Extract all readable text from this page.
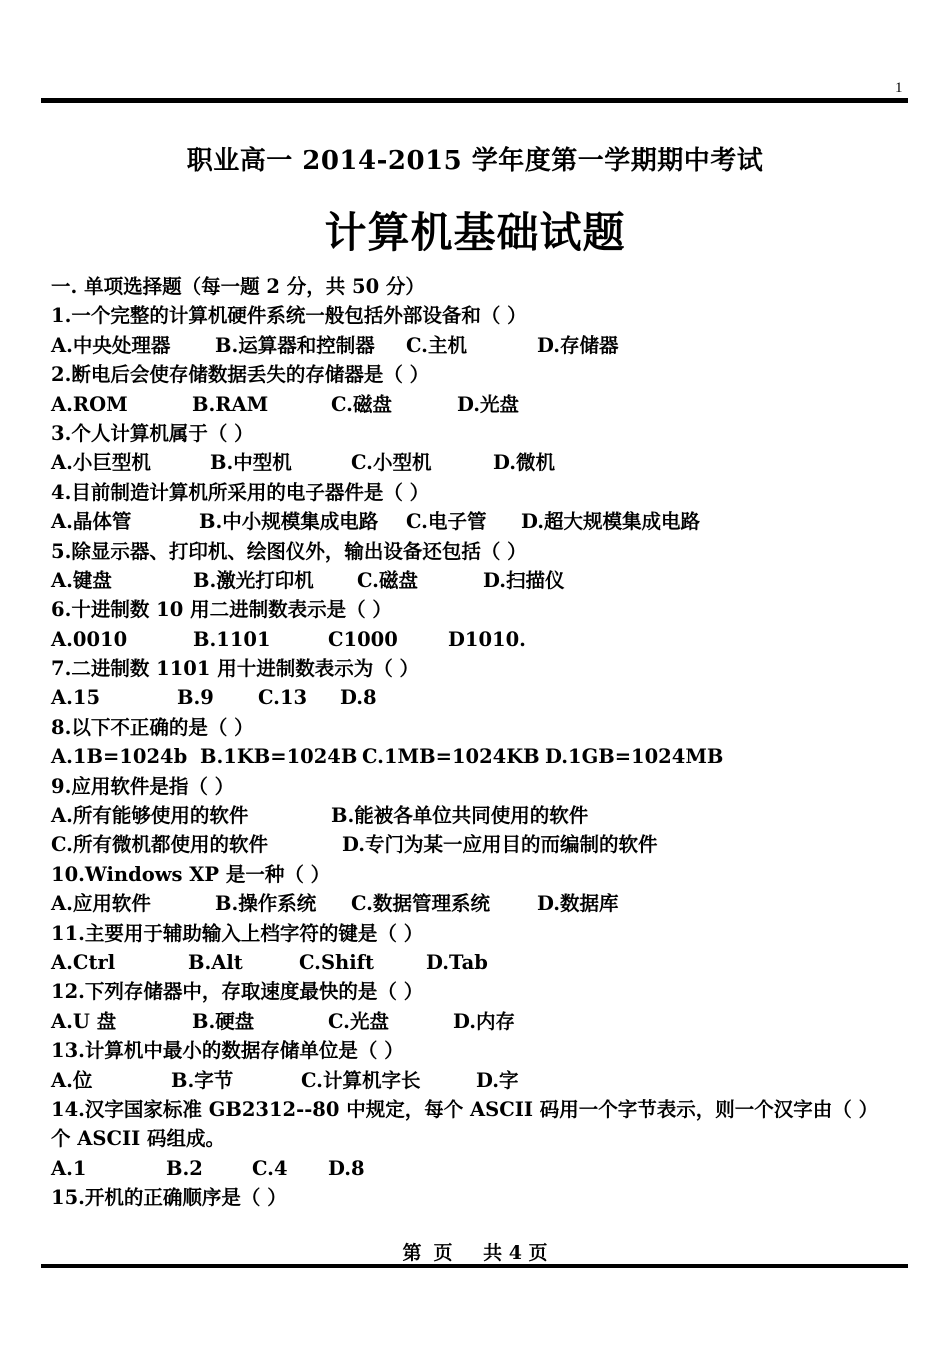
1
职业高一 2014-2015 学年度第一学期期中考试
计算机基础试题
一. 单项选择题（每一题 2 分，共 50 分）
1.一个完整的计算机硬件系统一般包括外部设备和（ ）
A.中央处理器	B.运算器和控制器	C.主机	D.存储器
2.断电后会使存储数据丢失的存储器是（ ）
A.ROM	B.RAM	C.磁盘	D.光盘
3.个人计算机属于（ ）
A.小巨型机	B.中型机	C.小型机	D.微机
4.目前制造计算机所采用的电子器件是（ ）
A.晶体管	B.中小规模集成电路	C.电子管	D.超大规模集成电路
5.除显示器、打印机、绘图仪外，输出设备还包括（ ）
A.键盘	B.激光打印机	C.磁盘	D.扫描仪
6.十进制数 10 用二进制数表示是（ ）
A.0010	B.1101	C1000	D1010.
7.二进制数 1101 用十进制数表示为（ ）
A.15	B.9	C.13	D.8
8.以下不正确的是（ ）
A.1B=1024b B.1KB=1024B C.1MB=1024KB D.1GB=1024MB
9.应用软件是指（ ）
A.所有能够使用的软件	B.能被各单位共同使用的软件
C.所有微机都使用的软件	D.专门为某一应用目的而编制的软件
10.Windows XP 是一种（ ）
A.应用软件	B.操作系统	C.数据管理系统	D.数据库
11.主要用于辅助输入上档字符的键是（ ）
A.Ctrl	B.Alt	C.Shift	D.Tab
12.下列存储器中，存取速度最快的是（ ）
A.U 盘	B.硬盘	C.光盘	D.内存
13.计算机中最小的数据存储单位是（ ）
A.位	B.字节	C.计算机字长	D.字
14.汉字国家标准 GB2312--80 中规定，每个 ASCII 码用一个字节表示，则一个汉字由（ ）
个 ASCII 码组成。
A.1	B.2	C.4	D.8
15.开机的正确顺序是（ ）
第 页 共 4 页
